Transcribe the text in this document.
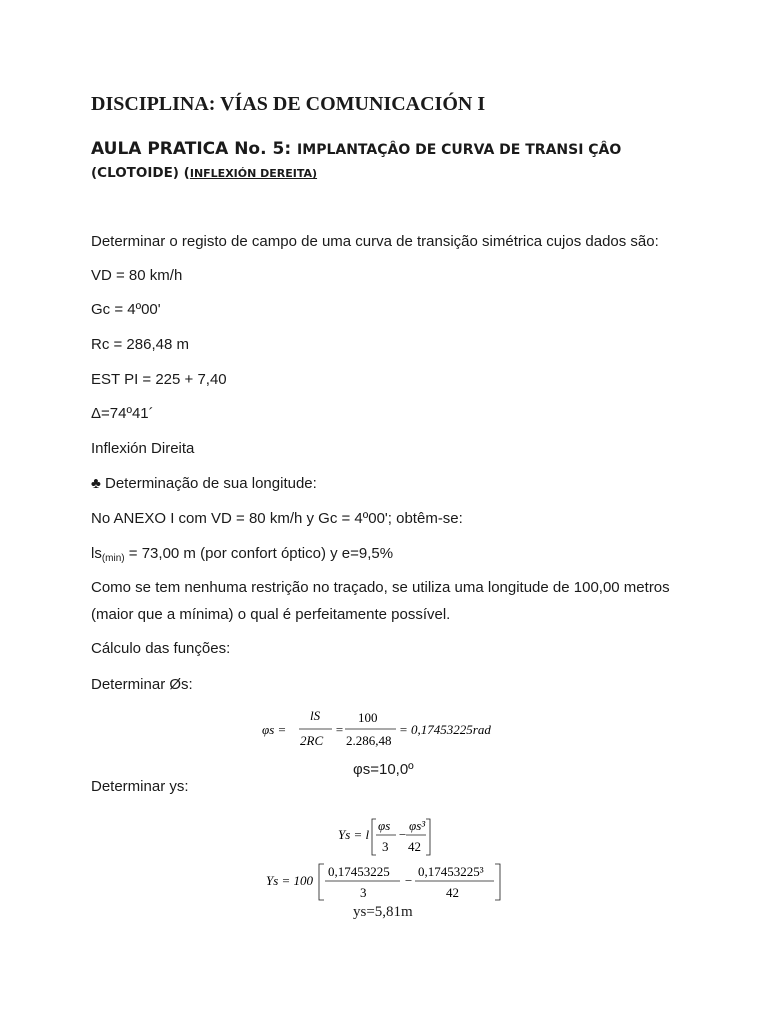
DISCIPLINA: VÍAS DE COMUNICACIÓN I
AULA PRATICA No. 5: IMPLANTAÇÂO DE CURVA DE TRANSI ÇÂO
(CLOTOIDE) (INFLEXIÓN DEREITA)
Determinar o registo de campo de uma curva de transição simétrica cujos dados são:
VD = 80 km/h
Gc = 4º00'
Rc = 286,48 m
EST PI = 225 + 7,40
Δ=74º41´
Inflexión Direita
♣ Determinação de sua longitude:
No ANEXO I com VD = 80 km/h y Gc = 4º00'; obtêm-se:
$ls_{(min)} = 73,00$ m (por confort óptico) y e=9,5%
Como se tem nenhuma restrição no traçado, se utiliza uma longitude de 100,00 metros
(maior que a mínima) o qual é perfeitamente possível.
Cálculo das funções:
Determinar Øs:
φs =
lS
2RC
=
100
2.286,48
= 0,17453225rad
φs=10,0º
Determinar ys:
Ys = l
φs
3
−
φs³
42
Ys = 100
0,17453225
3
−
0,17453225³
42
ys=5,81m
